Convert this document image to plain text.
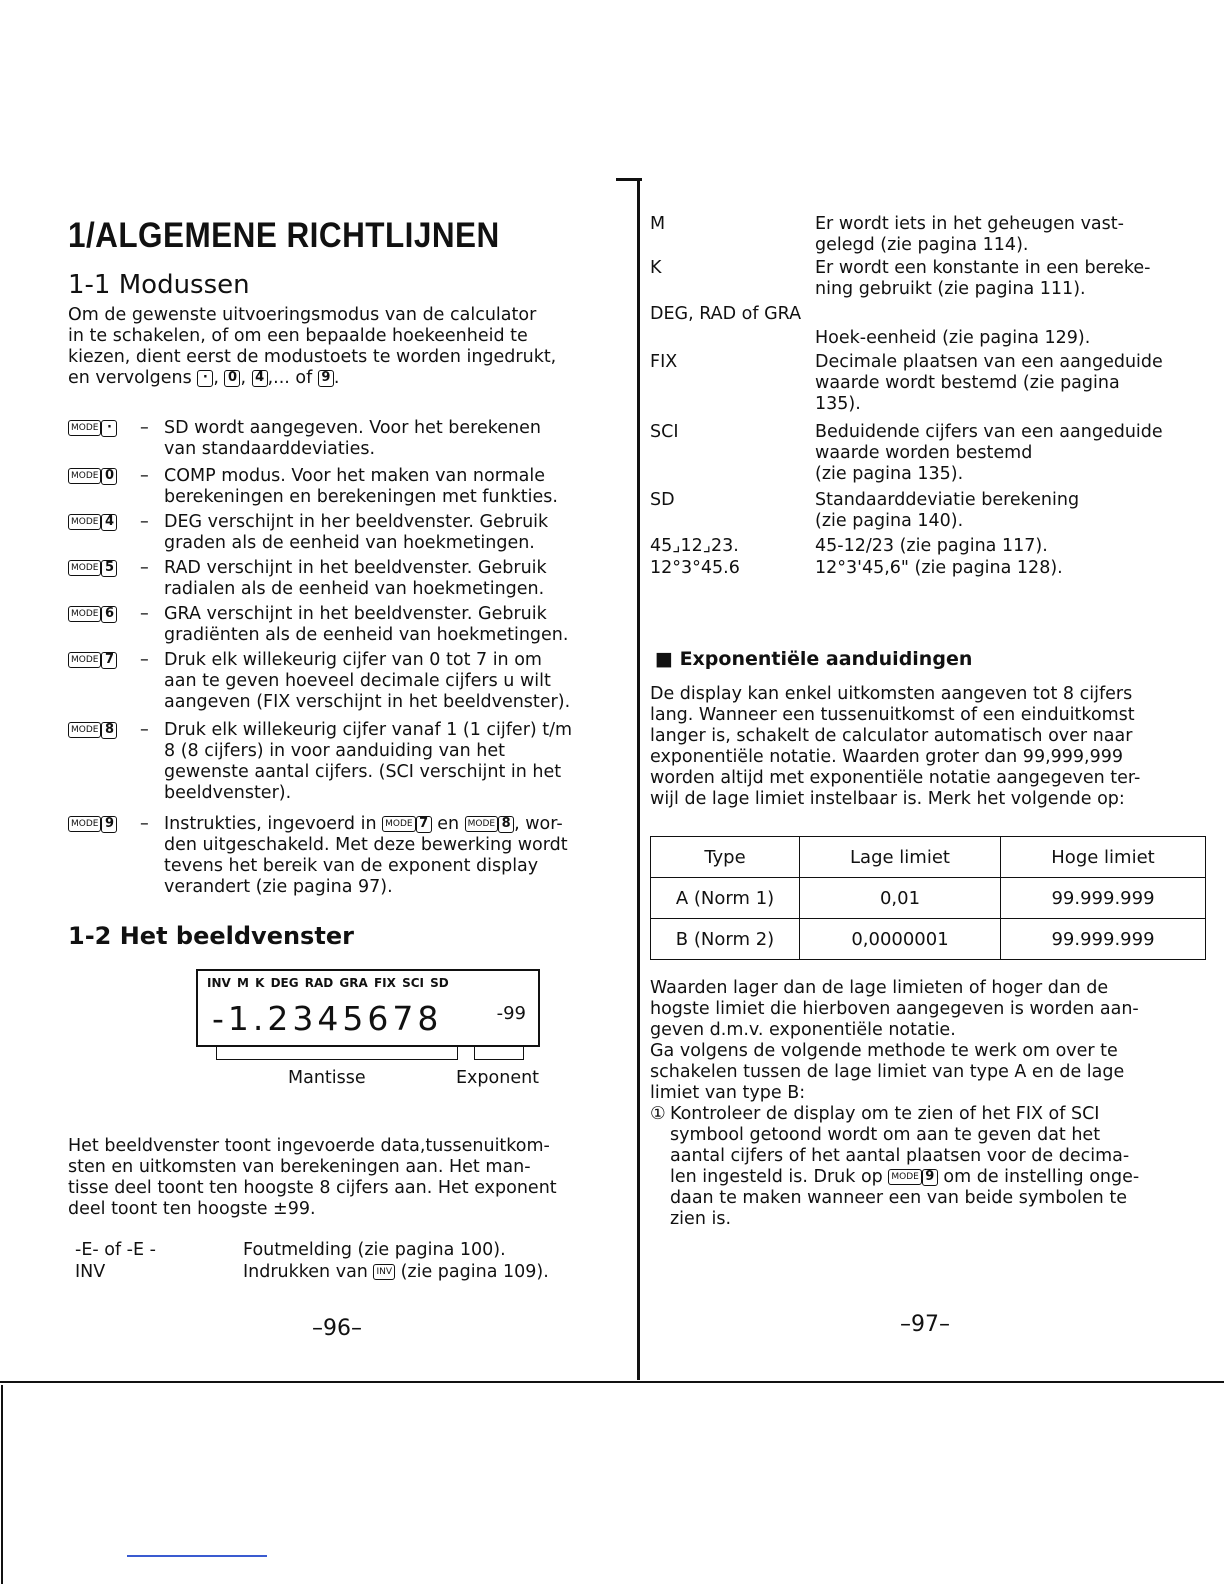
1/ALGEMENE RICHTLIJNEN
1-1 Modussen
Om de gewenste uitvoeringsmodus van de calculator
in te schakelen, of om een bepaalde hoekeenheid te
kiezen, dient eerst de modustoets te worden ingedrukt,
en vervolgens · , 0 , 4 ,... of 9 .
MODE ·	– SD wordt aangegeven. Voor het berekenen
van standaarddeviaties.
MODE 0 – COMP modus. Voor het maken van normale
berekeningen en berekeningen met funkties.
MODE 4 – DEG verschijnt in her beeldvenster. Gebruik
graden als de eenheid van hoekmetingen.
MODE 5 – RAD verschijnt in het beeldvenster. Gebruik
radialen als de eenheid van hoekmetingen.
MODE 6 – GRA verschijnt in het beeldvenster. Gebruik
gradiënten als de eenheid van hoekmetingen.
MODE 7 – Druk elk willekeurig cijfer van 0 tot 7 in om
aan te geven hoeveel decimale cijfers u wilt
aangeven (FIX verschijnt in het beeldvenster).
MODE 8 – Druk elk willekeurig cijfer vanaf 1 (1 cijfer) t/m
8 (8 cijfers) in voor aanduiding van het
gewenste aantal cijfers. (SCI verschijnt in het
beeldvenster).
MODE 9 – Instrukties, ingevoerd in MODE 7 en MODE 8 , wor-
den uitgeschakeld. Met deze bewerking wordt
tevens het bereik van de exponent display
verandert (zie pagina 97).
1-2 Het beeldvenster
INV M K DEG RAD GRA FIX SCI SD
-1.2345678	-99
Mantisse	Exponent
Het beeldvenster toont ingevoerde data,tussenuitkom-
sten en uitkomsten van berekeningen aan. Het man-
tisse deel toont ten hoogste 8 cijfers aan. Het exponent
deel toont ten hoogste ±99.
-E- of -E -	Foutmelding (zie pagina 100).
INV	Indrukken van INV (zie pagina 109).
–96–
M	Er wordt iets in het geheugen vast-
gelegd (zie pagina 114).
K	Er wordt een konstante in een bereke-
ning gebruikt (zie pagina 111).
DEG, RAD of GRA
Hoek-eenheid (zie pagina 129).
FIX	Decimale plaatsen van een aangeduide
waarde wordt bestemd (zie pagina
135).
SCI	Beduidende cijfers van een aangeduide
waarde worden bestemd
(zie pagina 135).
SD	Standaarddeviatie berekening
(zie pagina 140).
45⌟12⌟23.	45-12/23 (zie pagina 117).
12°3°45.6	12°3'45,6" (zie pagina 128).
■ Exponentiële aanduidingen
De display kan enkel uitkomsten aangeven tot 8 cijfers
lang. Wanneer een tussenuitkomst of een einduitkomst
langer is, schakelt de calculator automatisch over naar
exponentiële notatie. Waarden groter dan 99,999,999
worden altijd met exponentiële notatie aangegeven ter-
wijl de lage limiet instelbaar is. Merk het volgende op:
Type	Lage limiet	Hoge limiet
A (Norm 1)	0,01	99.999.999
B (Norm 2)	0,0000001	99.999.999
Waarden lager dan de lage limieten of hoger dan de
hogste limiet die hierboven aangegeven is worden aan-
geven d.m.v. exponentiële notatie.
Ga volgens de volgende methode te werk om over te
schakelen tussen de lage limiet van type A en de lage
limiet van type B:
① Kontroleer de display om te zien of het FIX of SCI
symbool getoond wordt om aan te geven dat het
aantal cijfers of het aantal plaatsen voor de decima-
len ingesteld is. Druk op MODE 9 om de instelling onge-
daan te maken wanneer een van beide symbolen te
zien is.
–97–
